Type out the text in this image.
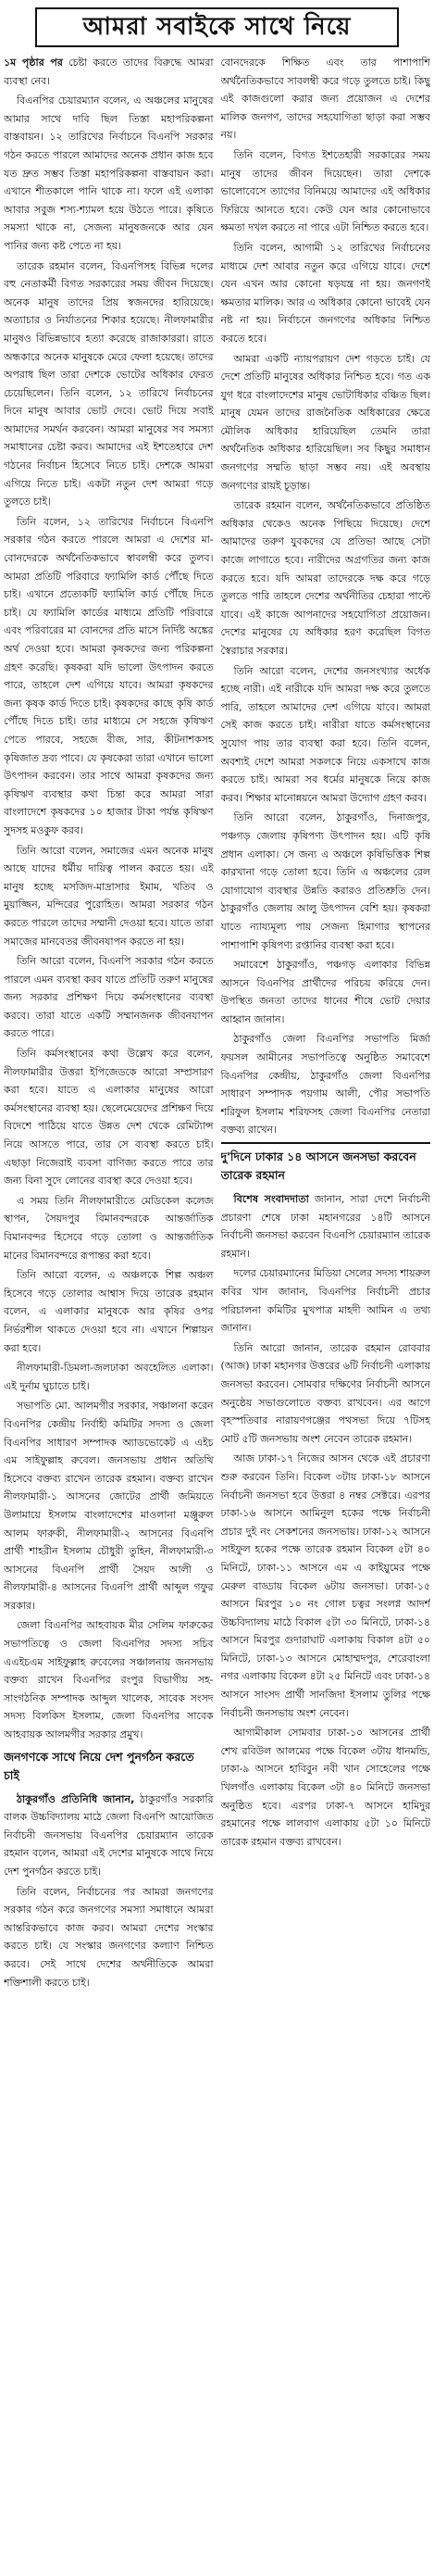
আমরা সবাইকে সাথে নিয়ে

১ম পৃষ্ঠার পর চেষ্টা করতে তাদের বিরুদ্ধে আমরা ব্যবস্থা নেব।

বিএনপির চেয়ারম্যান বলেন, এ অঞ্চলের মানুষের আমার সাথে দাবি ছিল তিস্তা মহাপরিকল্পনা বাস্তবায়ন। ১২ তারিখের নির্বাচনে বিএনপি সরকার গঠন করতে পারলে আমাদের অনেক প্রধান কাজ হবে যত দ্রুত সম্ভব তিস্তা মহাপরিকল্পনা বাস্তবায়ন করা। এখানে শীতকালে পানি থাকে না। ফলে এই এলাকা আবার সবুজ শস্য-শ্যামল হয়ে উঠতে পারে। কৃষিতে সমস্যা থাকে না, সেজন্য মানুষজনকে আর যেন পানির জন্য কষ্ট পেতে না হয়।

তারেক রহমান বলেন, বিএনপিসহ বিভিন্ন দলের বহু নেতাকর্মী বিগত সরকারের সময় জীবন দিয়েছে। অনেক মানুষ তাদের প্রিয় স্বজনদের হারিয়েছে। অত্যাচার ও নির্যাতনের শিকার হয়েছে। নীলফামারীর মানুষও বিভিন্নভাবে হত্যা করেছে রাজাকাররা। রাতে অন্ধকারে অনেক মানুষকে মেরে ফেলা হয়েছে। তাদের অপরাধ ছিল তারা দেশকে ভোটের অধিকার ফেরত চেয়েছিলেন। তিনি বলেন, ১২ তারিখে নির্বাচনের দিনে মানুষ আবার ভোট দেবে। ভোট দিয়ে সবাই আমাদের সমর্থন করবেন। আমরা মানুষের সব সমস্যা সমাধানের চেষ্টা করব। আমাদের এই ইশতেহারে দেশ গঠনের নির্বাচন হিসেবে নিতে চাই। দেশকে আমরা এগিয়ে নিতে চাই। একটা নতুন দেশ আমরা গড়ে তুলতে চাই।

তিনি বলেন, ১২ তারিখের নির্বাচনে বিএনপি সরকার গঠন করতে পারলে আমরা এ দেশের মা-বোনদেরকে অর্থনৈতিকভাবে স্বাবলম্বী করে তুলব। আমরা প্রতিটি পরিবারে ফ্যামিলি কার্ড পৌঁছে দিতে চাই। এখানে প্রত্যেকটি ফ্যামিলি কার্ড পৌঁছে দিতে চাই। যে ফ্যামিলি কার্ডের মাধ্যমে প্রতিটি পরিবারে এবং পরিবারের মা বোনদের প্রতি মাসে নির্দিষ্ট অঙ্কের অর্থ দেওয়া হবে। আমরা কৃষকদের জন্য পরিকল্পনা গ্রহণ করেছি। কৃষকরা যদি ভালো উৎপাদন করতে পারে, তাহলে দেশ এগিয়ে যাবে। আমরা কৃষকদের জন্য কৃষক কার্ড দিতে চাই। কৃষকদের কাছে কৃষি কার্ড পৌঁছে দিতে চাই। তার মাধ্যমে সে সহজে কৃষিঋণ পেতে পারবে, সহজে বীজ, সার, কীটনাশকসহ কৃষিজাত দ্রব্য পাবে। যে কৃষকেরা তারা এখানে ভালো উৎপাদন করবেন। তার সাথে আমরা কৃষকদের জন্য কৃষিঋণ ব্যবস্থার কথা চিন্তা করে আমরা সারা বাংলাদেশে কৃষকদের ১০ হাজার টাকা পর্যন্ত কৃষিঋণ সুদসহ মওকুফ করব।

তিনি আরো বলেন, সমাজের এমন অনেক মানুষ আছে যাদের ধর্মীয় দায়িত্ব পালন করতে হয়। এই মানুষ হচ্ছে মসজিদ-মাদ্রাসার ইমাম, খতিব ও মুয়াজ্জিন, মন্দিরের পুরোহিত। আমরা সরকার গঠন করতে পারলে তাদের সম্মানী দেওয়া হবে। যাতে তারা সমাজের মানবেতর জীবনযাপন করতে না হয়।

তিনি আরো বলেন, বিএনপি সরকার গঠন করতে পারলে এমন ব্যবস্থা করব যাতে প্রতিটি তরুণ মানুষের জন্য সরকার প্রশিক্ষণ দিয়ে কর্মসংস্থানের ব্যবস্থা করবে। তারা যাতে একটি সম্মানজনক জীবনযাপন করতে পারে।

তিনি কর্মসংস্থানের কথা উল্লেখ করে বলেন, নীলফামারীর উত্তরা ইপিজেডকে আরো সম্প্রসারণ করা হবে। যাতে এ এলাকার মানুষের আরো কর্মসংস্থানের ব্যবস্থা হয়। ছেলেমেয়েদের প্রশিক্ষণ দিয়ে বিদেশে পাঠিয়ে যাতে উন্নত দেশ থেকে রেমিট্যান্স নিয়ে আসতে পারে, তার সে ব্যবস্থা করতে চাই। এছাড়া নিজেরাই ব্যবসা বাণিজ্য করতে পারে তার জন্য বিনা সুদে লোনের ব্যবস্থা করে দেওয়া হবে।

এ সময় তিনি নীলফামারীতে মেডিকেল কলেজ স্থাপন, সৈয়দপুর বিমানবন্দরকে আন্তর্জাতিক বিমানবন্দর হিসেবে গড়ে তোলা ও আন্তর্জাতিক মানের বিমানবন্দরে রূপান্তর করা হবে।

তিনি আরো বলেন, এ অঞ্চলকে শিল্প অঞ্চল হিসেবে গড়ে তোলার আশ্বাস দিয়ে তারেক রহমান বলেন, এ এলাকার মানুষকে আর কৃষির ওপর নির্ভরশীল থাকতে দেওয়া হবে না। এখানে শিল্পায়ন করা হবে।

নীলফামারী-ডিমলা-জলঢাকা অবহেলিত এলাকা। এই দুর্নাম ঘুচাতে চাই।

সভাপতি মো. আলমগীর সরকার, সঞ্চালনা করেন বিএনপির কেন্দ্রীয় নির্বাহী কমিটির সদস্য ও জেলা বিএনপির সাধারণ সম্পাদক অ্যাডভোকেট এ এইচ এম সাইফুল্লাহ রুবেল। জনসভায় প্রধান অতিথি হিসেবে বক্তব্য রাখেন তারেক রহমান। বক্তব্য রাখেন নীলফামারী-১ আসনের জোটের প্রার্থী জমিয়তে উলামায়ে ইসলাম বাংলাদেশের মাওলানা মঞ্জুরুল আলম ফারুকী, নীলফামারী-২ আসনের বিএনপি প্রার্থী শাহরীন ইসলাম চৌধুরী তুহিন, নীলফামারী-৩ আসনের বিএনপি প্রার্থী সৈয়দ আলী ও নীলফামারী-৪ আসনের বিএনপি প্রার্থী আব্দুল গফুর সরকার।

জেলা বিএনপির আহবায়ক মীর সেলিম ফারুকের সভাপতিত্বে ও জেলা বিএনপির সদস্য সচিব এএইচএম সাইফুল্লাহ রুবেলের সঞ্চালনায় জনসভায় বক্তব্য রাখেন বিএনপির রংপুর বিভাগীয় সহ-সাংগঠনিক সম্পাদক আব্দুল খালেক, সাবেক সংসদ সদস্য বিলকিস ইসলাম, জেলা বিএনপির সাবেক আহবায়ক আলমগীর সরকার প্রমুখ।

জনগণকে সাথে নিয়ে দেশ পুনর্গঠন করতে চাই

ঠাকুরগাঁও প্রতিনিধি জানান, ঠাকুরগাঁও সরকারি বালক উচ্চবিদ্যালয় মাঠে জেলা বিএনপি আয়োজিত নির্বাচনী জনসভায় বিএনপির চেয়ারম্যান তারেক রহমান বলেন, আমরা এই দেশের মানুষকে সাথে নিয়ে দেশ পুনর্গঠন করতে চাই।

তিনি বলেন, নির্বাচনের পর আমরা জনগণের সরকার গঠন করে জনগণের সমস্যা সমাধানে আমরা আন্তরিকভাবে কাজ করব। আমরা দেশের সংস্কার করতে চাই। যে সংস্কার জনগণের কল্যাণ নিশ্চিত করবে। সেই সাথে দেশের অর্থনীতিকে আমরা শক্তিশালী করতে চাই।

বোনদেরকে শিক্ষিত এবং তার পাশাপাশি অর্থনৈতিকভাবে সাবলম্বী করে গড়ে তুলতে চাই। কিছু এই কাজগুলো করার জন্য প্রয়োজন এ দেশের মালিক জনগণ, তাদের সহযোগিতা ছাড়া করা সম্ভব নয়।

তিনি বলেন, বিগত ইশতেহারী সরকারের সময় মানুষ তাদের জীবন দিয়েছেন। তারা দেশকে ভালোবেসে ত্যাগের বিনিময়ে আমাদের এই অধিকার ফিরিয়ে আনতে হবে। কেউ যেন আর কোনোভাবে ক্ষমতা দখল করতে না পারে এটা নিশ্চিত করতে হবে।

তিনি বলেন, আগামী ১২ তারিখের নির্বাচনের মাধ্যমে দেশ আবার নতুন করে এগিয়ে যাবে। দেশে যেন এখন আর কোনো ষড়যন্ত্র না হয়। জনগণই ক্ষমতার মালিক। আর এ অধিকার কোনো ভাবেই যেন নষ্ট না হয়। নির্বাচনে জনগণের অধিকার নিশ্চিত করতে হবে।

আমরা একটি ন্যায়পরায়ণ দেশ গড়তে চাই। যে দেশে প্রতিটি মানুষের অধিকার নিশ্চিত হবে। গত এক যুগ ধরে বাংলাদেশের মানুষ ভোটাধিকার বঞ্চিত ছিল। মানুষ যেমন তাদের রাজনৈতিক অধিকারের ক্ষেত্রে মৌলিক অধিকার হারিয়েছিল তেমনি তারা অর্থনৈতিক অধিকার হারিয়েছিল। সব কিছুর সমাধান জনগণের সম্মতি ছাড়া সম্ভব নয়। এই অবস্থায় জনগণের রায়ই চূড়ান্ত।

তারেক রহমান বলেন, অর্থনৈতিকভাবে প্রতিষ্ঠিত অধিকার থেকেও অনেক পিছিয়ে দিয়েছে। দেশে আমাদের তরুণ যুবকদের যে প্রতিভা আছে সেটা কাজে লাগাতে হবে। নারীদের অগ্রগতির জন্য কাজ করতে হবে। যদি আমরা তাদেরকে দক্ষ করে গড়ে তুলতে পারি তাহলে দেশের অর্থনীতির চেহারা পাল্টে যাবে। এই কাজে আপনাদের সহযোগিতা প্রয়োজন। দেশের মানুষের যে অধিকার হরণ করেছিল বিগত স্বৈরাচার সরকার।

তিনি আরো বলেন, দেশের জনসংখ্যার অর্ধেক হচ্ছে নারী। এই নারীকে যদি আমরা দক্ষ করে তুলতে পারি, তাহলে আমাদের দেশ এগিয়ে যাবে। আমরা সেই কাজ করতে চাই। নারীরা যাতে কর্মসংস্থানের সুযোগ পায় তার ব্যবস্থা করা হবে। তিনি বলেন, অবশ্যই দেশে আমরা সকলকে নিয়ে একসাথে কাজ করতে চাই। আমরা সব ধর্মের মানুষকে নিয়ে কাজ করব। শিক্ষার মানোন্নয়নে আমরা উদ্যোগ গ্রহণ করব।

তিনি আরো বলেন, ঠাকুরগাঁও, দিনাজপুর, পঞ্চগড় জেলায় কৃষিপণ্য উৎপাদন হয়। এটি কৃষি প্রধান এলাকা। সে জন্য এ অঞ্চলে কৃষিভিত্তিক শিল্প কারখানা গড়ে তোলা হবে। তিনি এ অঞ্চলের রেল যোগাযোগ ব্যবস্থার উন্নতি করারও প্রতিশ্রুতি দেন। ঠাকুরগাঁও জেলায় আলু উৎপাদন বেশি হয়। কৃষকরা যাতে ন্যায্যমূল্য পায় সেজন্য হিমাগার স্থাপনের পাশাপাশি কৃষিপণ্য রপ্তানির ব্যবস্থা করা হবে।

সমাবেশে ঠাকুরগাঁও, পঞ্চগড় এলাকার বিভিন্ন আসনে বিএনপির প্রার্থীদের পরিচয় করিয়ে দেন। উপস্থিত জনতা তাদের ধানের শীষে ভোট দেয়ার আহ্বান জানান।

ঠাকুরগাঁও জেলা বিএনপির সভাপতি মির্জা ফয়সল আমীনের সভাপতিত্বে অনুষ্ঠিত সমাবেশে বিএনপির কেন্দ্রীয়, ঠাকুরগাঁও জেলা বিএনপির সাধারণ সম্পাদক পয়গাম আলী, পৌর সভাপতি শরিফুল ইসলাম শরিফসহ জেলা বিএনপির নেতারা বক্তব্য রাখেন।

দু'দিনে ঢাকার ১৪ আসনে জনসভা করবেন তারেক রহমান

বিশেষ সংবাদদাতা জানান, সারা দেশে নির্বাচনী প্রচারণা শেষে ঢাকা মহানগরের ১৪টি আসনে নির্বাচনী জনসভা করবেন বিএনপি চেয়ারম্যান তারেক রহমান।

দলের চেয়ারম্যানের মিডিয়া সেলের সদস্য শায়রুল কবির খান জানান, বিএনপির নির্বাচনী প্রচার পরিচালনা কমিটির মুখপাত্র মাহদী আমিন এ তথ্য জানান।

তিনি আরো জানান, তারেক রহমান রোববার (আজ) ঢাকা মহানগর উত্তরের ৬টি নির্বাচনী এলাকায় জনসভা করবেন। সোমবার দক্ষিণের নির্বাচনী আসনে অনুষ্ঠেয় সভাগুলোতে বক্তব্য রাখবেন। এর আগে বৃহস্পতিবার নারায়ণগঞ্জের পথসভা দিয়ে ৭টিসহ মোট ৫টি জনসভায় অংশ নেবেন তারেক রহমান।

আজ ঢাকা-১৭ নিজের আসন থেকে এই প্রচারণা শুরু করবেন তিনি। বিকেল ৩টায় ঢাকা-১৮ আসনে নির্বাচনী জনসভা হবে উত্তরা ৪ নম্বর সেক্টরে। এরপর ঢাকা-১৬ আসনে আমিনুল হকের পক্ষে নির্বাচনী প্রচার দুই নং সেকশনের জনসভায়। ঢাকা-১২ আসনে সাইফুল হকের পক্ষে তারেক রহমান বিকেল ৫টা ৪০ মিনিটে, ঢাকা-১১ আসনে এম এ কাইয়ুমের পক্ষে মেরুল বাড্ডায় বিকেল ৬টায় জনসভা। ঢাকা-১৫ আসনে মিরপুর ১০ নং গোল চত্বর সংলগ্ন আদর্শ উচ্চবিদ্যালয় মাঠে বিকাল ৫টা ৩০ মিনিটে, ঢাকা-১৪ আসনে মিরপুর গুদারাঘাট এলাকায় বিকাল ৪টা ৫০ মিনিটে, ঢাকা-১৩ আসনে মোহাম্মদপুর, শেরেবাংলা নগর এলাকায় বিকেল ৪টা ২৫ মিনিটে এবং ঢাকা-১৪ আসনে সাংসদ প্রার্থী সানজিদা ইসলাম তুলির পক্ষে নির্বাচনী জনসভায় অংশ নেবেন।

আগামীকাল সোমবার ঢাকা-১০ আসনের প্রার্থী শেখ রবিউল আলমের পক্ষে বিকেল ৩টায় ধানমন্ডি, ঢাকা-৯ আসনে হাবিবুন নবী খান সোহেলের পক্ষে খিলগাঁও এলাকায় বিকেল ৩টা ৪০ মিনিটে জনসভা অনুষ্ঠিত হবে। এরপর ঢাকা-৭ আসনে হামিদুর রহমানের পক্ষে লালবাগ এলাকায় ৫টা ১০ মিনিটে তারেক রহমান বক্তব্য রাখবেন।
